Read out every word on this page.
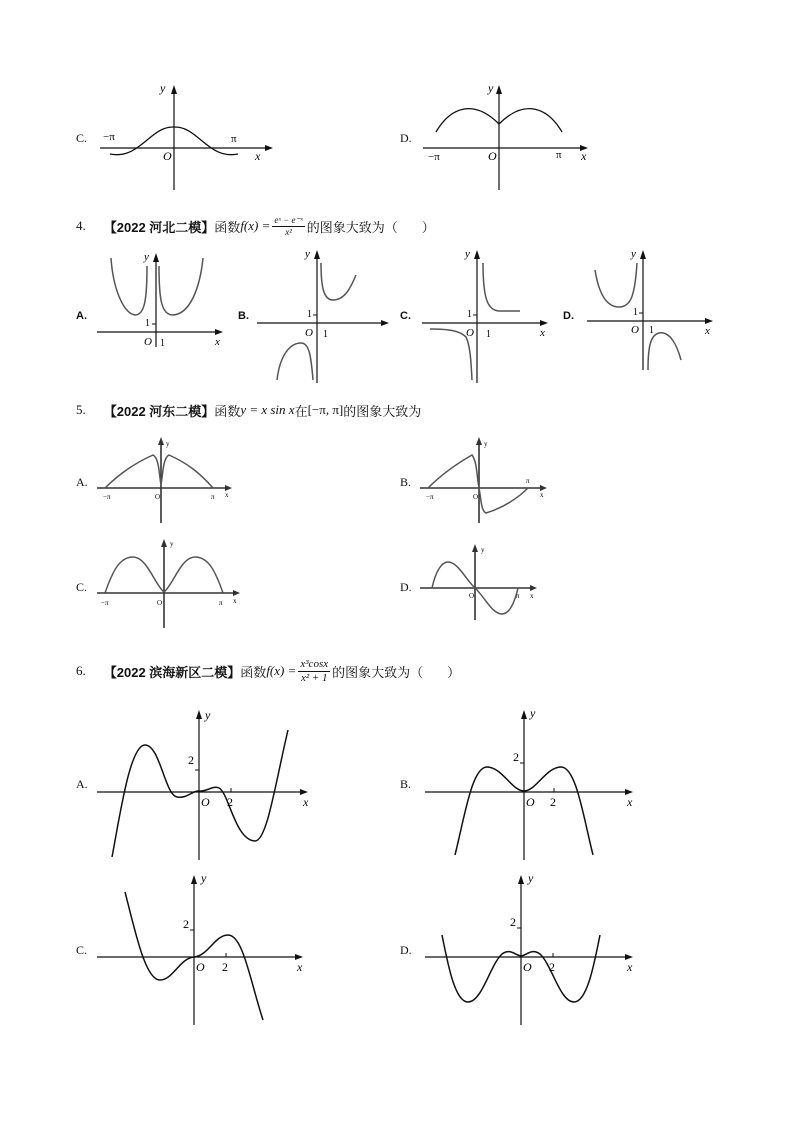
C.
y
O	x
−π	π	D.
y
O	x
−π	π
4. 【2022 河北二模】 函数 $f(x) = \frac{\text{eˣ − e⁻ˣ}}{\text{x²}}$ 的图象大致为（ ）
A.
y
O
1
1	x
B.
y
O
1
1
C.
y
O
1
1	x
D.
y
O
1
1	x
5. 【2022 河东二模】 函数 y = x sin x 在 [−π, π] 的图象大致为
A.
y
O
−π	π x
B.
y
O
−π
π
x
C.
y
O
−π	π x
D.
y
O	π x
6. 【2022 滨海新区二模】 函数 $f(x) = \frac{\text{x³cosx}}{\text{x² + 1}}$ 的图象大致为（ ）
A.
y
2
O 2	x
B.
y
2
O 2	x
C.
y
2
O 2	x
D.
y
2
O 2	x
